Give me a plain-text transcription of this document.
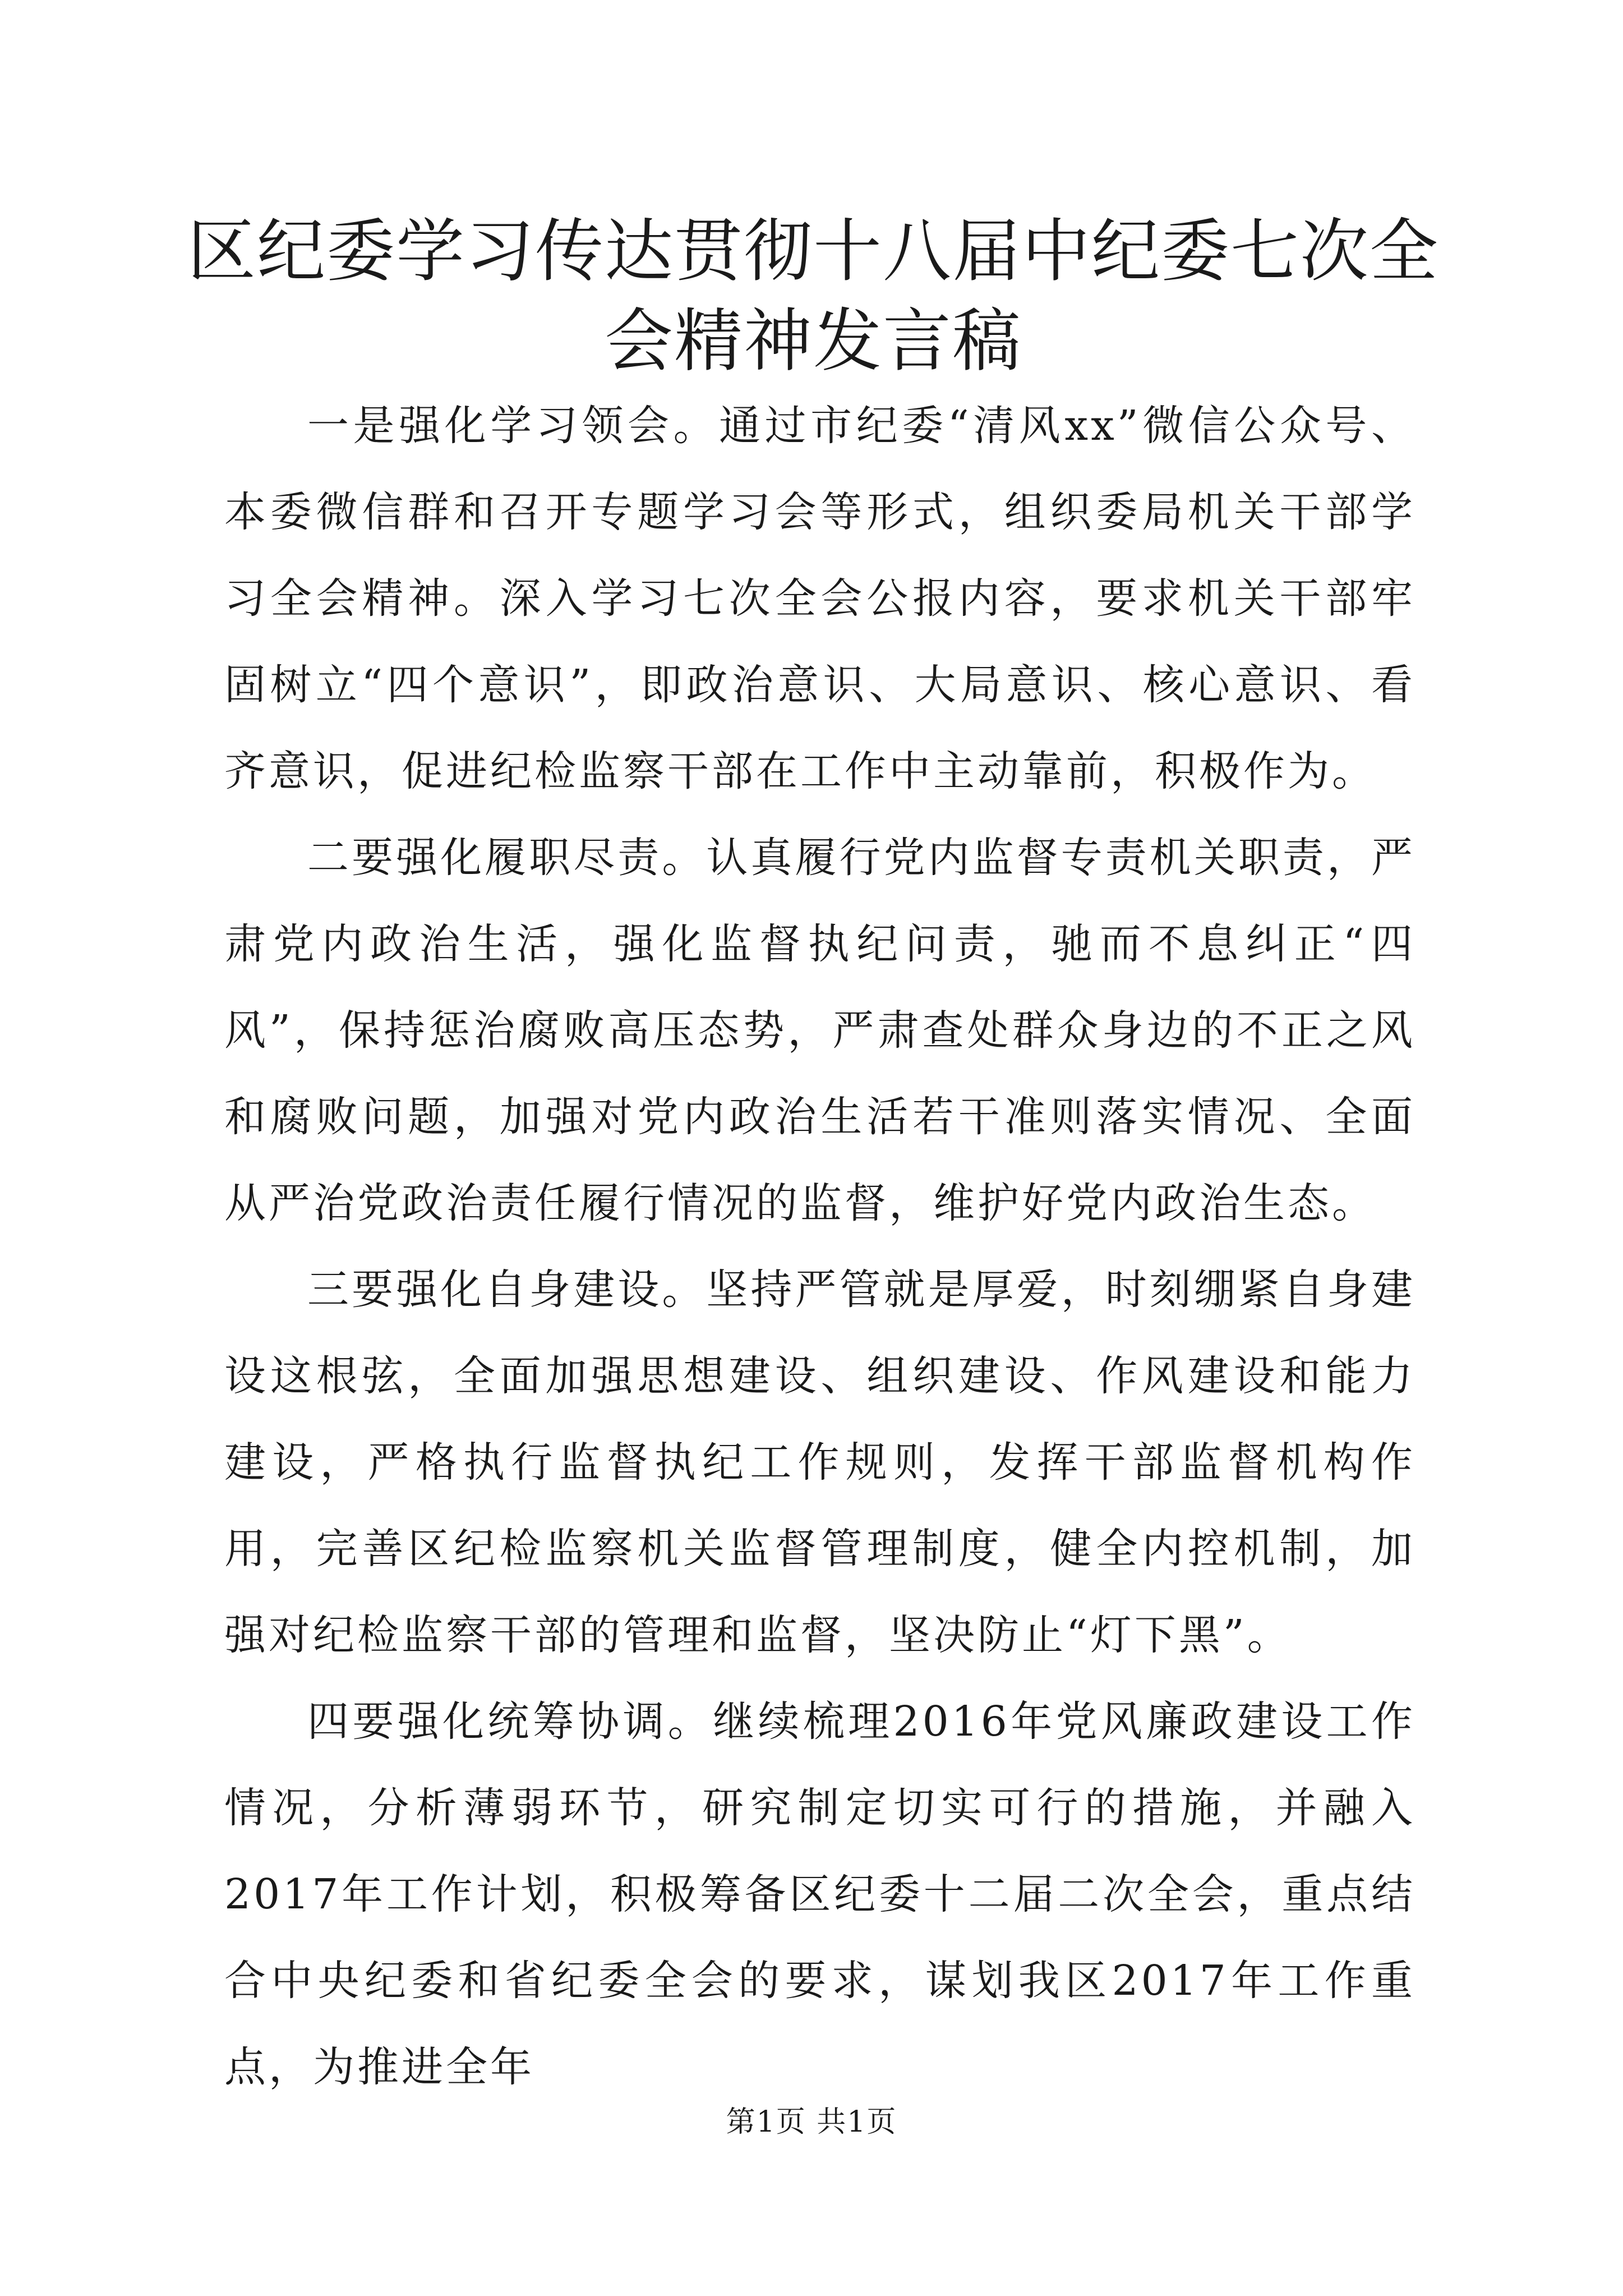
区纪委学习传达贯彻十八届中纪委七次全会精神发言稿

一是强化学习领会。通过市纪委“清风xx”微信公众号、本委微信群和召开专题学习会等形式，组织委局机关干部学习全会精神。深入学习七次全会公报内容，要求机关干部牢固树立“四个意识”，即政治意识、大局意识、核心意识、看齐意识，促进纪检监察干部在工作中主动靠前，积极作为。

二要强化履职尽责。认真履行党内监督专责机关职责，严肃党内政治生活，强化监督执纪问责，驰而不息纠正“四风”，保持惩治腐败高压态势，严肃查处群众身边的不正之风和腐败问题，加强对党内政治生活若干准则落实情况、全面从严治党政治责任履行情况的监督，维护好党内政治生态。

三要强化自身建设。坚持严管就是厚爱，时刻绷紧自身建设这根弦，全面加强思想建设、组织建设、作风建设和能力建设，严格执行监督执纪工作规则，发挥干部监督机构作用，完善区纪检监察机关监督管理制度，健全内控机制，加强对纪检监察干部的管理和监督，坚决防止“灯下黑”。

四要强化统筹协调。继续梳理2016年党风廉政建设工作情况，分析薄弱环节，研究制定切实可行的措施，并融入2017年工作计划，积极筹备区纪委十二届二次全会，重点结合中央纪委和省纪委全会的要求，谋划我区2017年工作重点，为推进全年

第1页 共1页
